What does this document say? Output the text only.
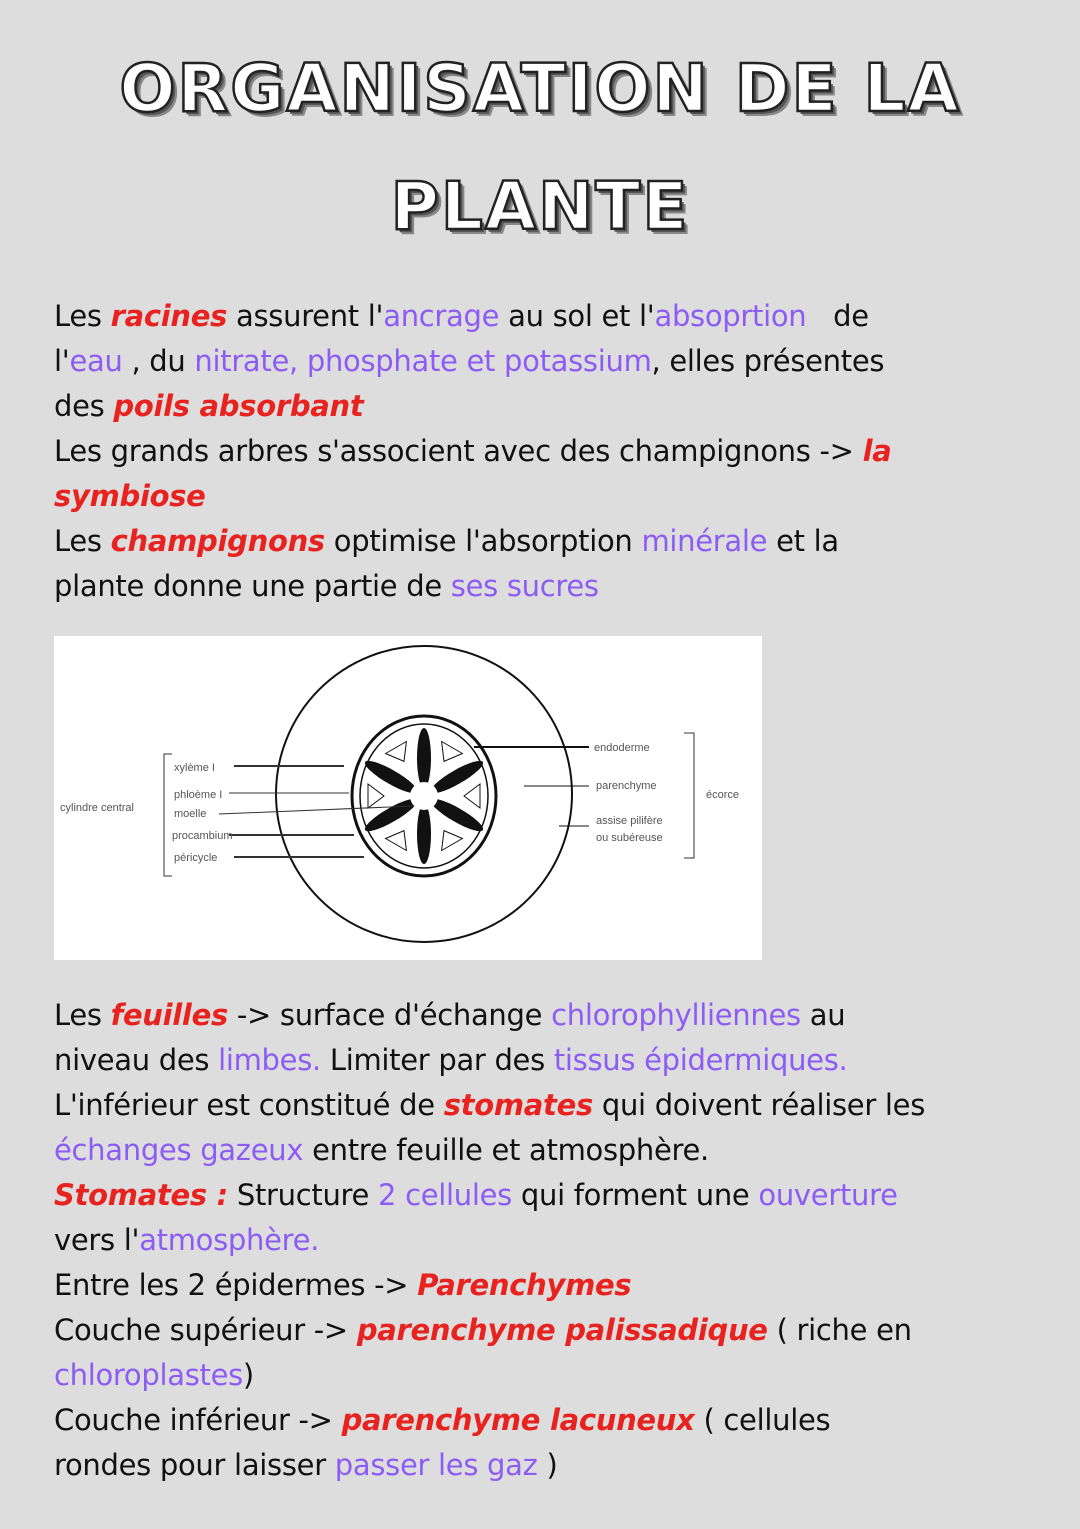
ORGANISATION DE LA
PLANTE
Les racines assurent l'ancrage au sol et l'absoprtion   de
l'eau , du nitrate, phosphate et potassium, elles présentes
des poils absorbant
Les grands arbres s'associent avec des champignons -> la
symbiose
Les champignons optimise l'absorption minérale et la
plante donne une partie de ses sucres
cylindre central
xylème I
phloème I
moelle
procambium
péricycle
endoderme
parenchyme
assise pilifère
ou subéreuse
écorce
Les feuilles -> surface d'échange chlorophylliennes au
niveau des limbes. Limiter par des tissus épidermiques.
L'inférieur est constitué de stomates qui doivent réaliser les
échanges gazeux entre feuille et atmosphère.
Stomates : Structure 2 cellules qui forment une ouverture
vers l'atmosphère.
Entre les 2 épidermes -> Parenchymes
Couche supérieur -> parenchyme palissadique ( riche en
chloroplastes)
Couche inférieur -> parenchyme lacuneux ( cellules
rondes pour laisser passer les gaz )
